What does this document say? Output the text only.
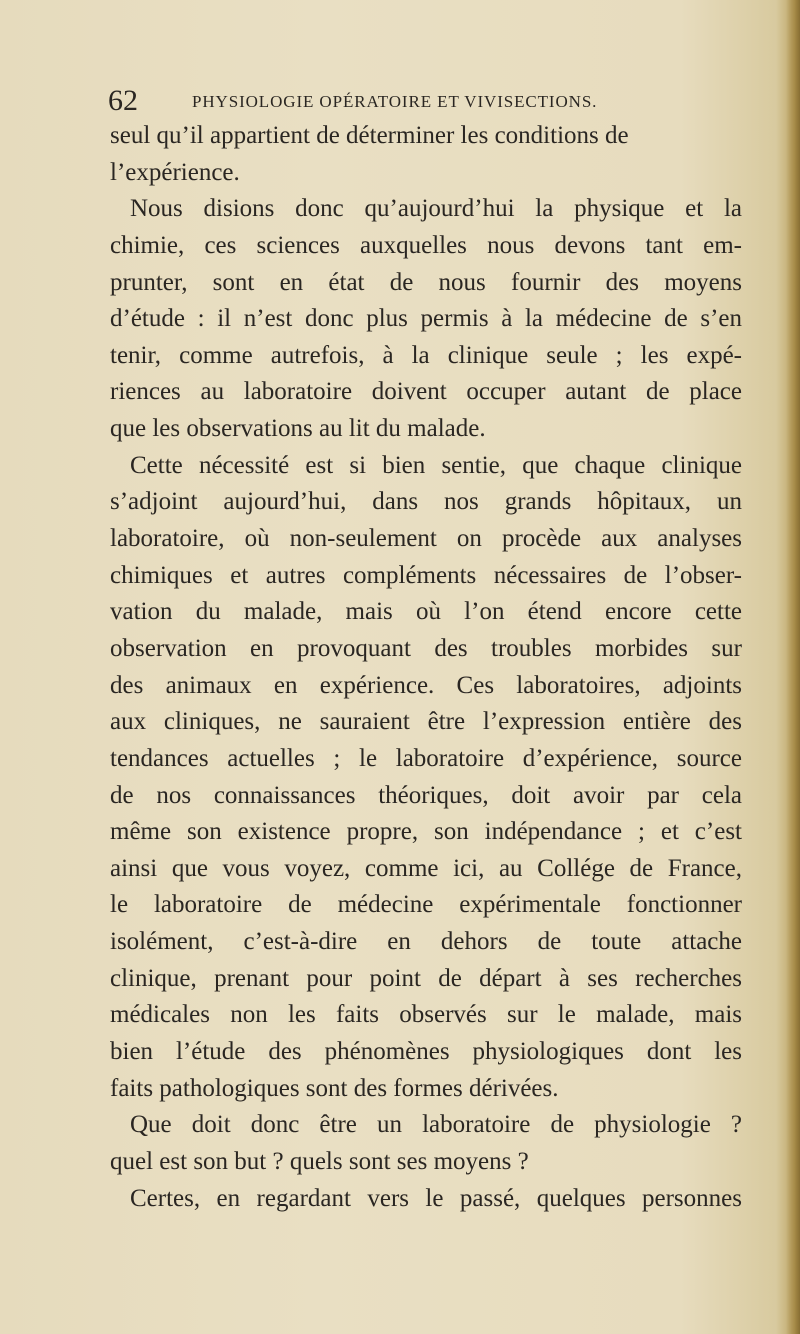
62	PHYSIOLOGIE OPÉRATOIRE ET VIVISECTIONS.
seul qu’il appartient de déterminer les conditions de
l’expérience.
Nous disions donc qu’aujourd’hui la physique et la
chimie, ces sciences auxquelles nous devons tant em-
prunter, sont en état de nous fournir des moyens
d’étude : il n’est donc plus permis à la médecine de s’en
tenir, comme autrefois, à la clinique seule ; les expé-
riences au laboratoire doivent occuper autant de place
que les observations au lit du malade.
Cette nécessité est si bien sentie, que chaque clinique
s’adjoint aujourd’hui, dans nos grands hôpitaux, un
laboratoire, où non-seulement on procède aux analyses
chimiques et autres compléments nécessaires de l’obser-
vation du malade, mais où l’on étend encore cette
observation en provoquant des troubles morbides sur
des animaux en expérience. Ces laboratoires, adjoints
aux cliniques, ne sauraient être l’expression entière des
tendances actuelles ; le laboratoire d’expérience, source
de nos connaissances théoriques, doit avoir par cela
même son existence propre, son indépendance ; et c’est
ainsi que vous voyez, comme ici, au Collége de France,
le laboratoire de médecine expérimentale fonctionner
isolément, c’est-à-dire en dehors de toute attache
clinique, prenant pour point de départ à ses recherches
médicales non les faits observés sur le malade, mais
bien l’étude des phénomènes physiologiques dont les
faits pathologiques sont des formes dérivées.
Que doit donc être un laboratoire de physiologie ?
quel est son but ? quels sont ses moyens ?
Certes, en regardant vers le passé, quelques personnes
